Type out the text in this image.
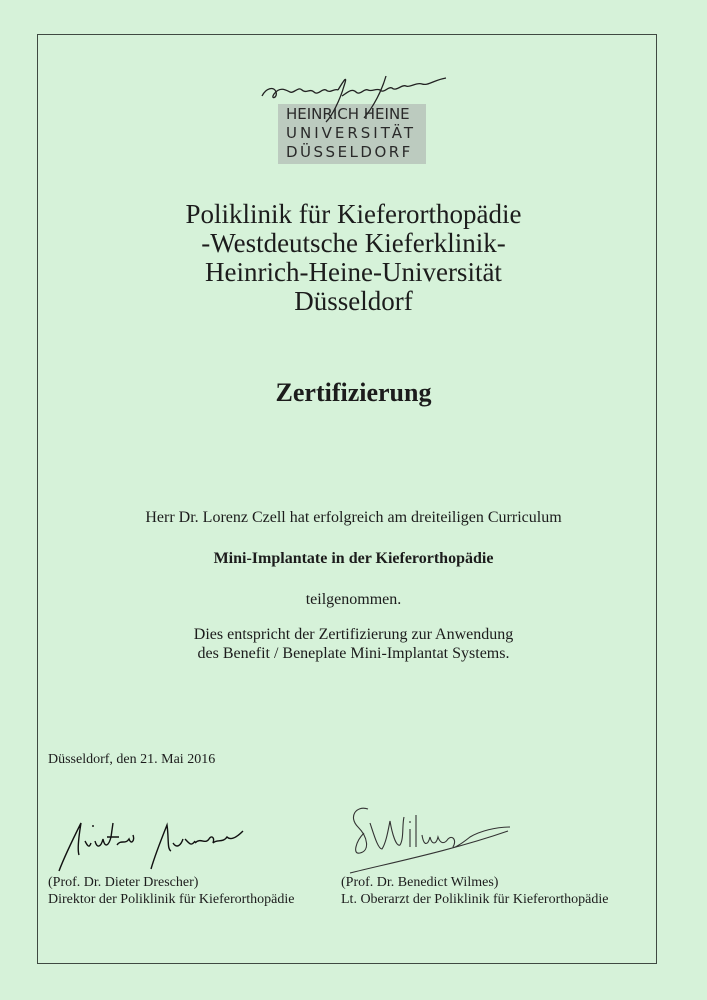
HEINRICH HEINE
UNIVERSITÄT
DÜSSELDORF
Poliklinik für Kieferorthopädie
-Westdeutsche Kieferklinik-
Heinrich-Heine-Universität
Düsseldorf
Zertifizierung
Herr Dr. Lorenz Czell hat erfolgreich am dreiteiligen Curriculum
Mini-Implantate in der Kieferorthopädie
teilgenommen.
Dies entspricht der Zertifizierung zur Anwendung
des Benefit / Beneplate Mini-Implantat Systems.
Düsseldorf, den 21. Mai 2016
(Prof. Dr. Dieter Drescher)
Direktor der Poliklinik für Kieferorthopädie
(Prof. Dr. Benedict Wilmes)
Lt. Oberarzt der Poliklinik für Kieferorthopädie
